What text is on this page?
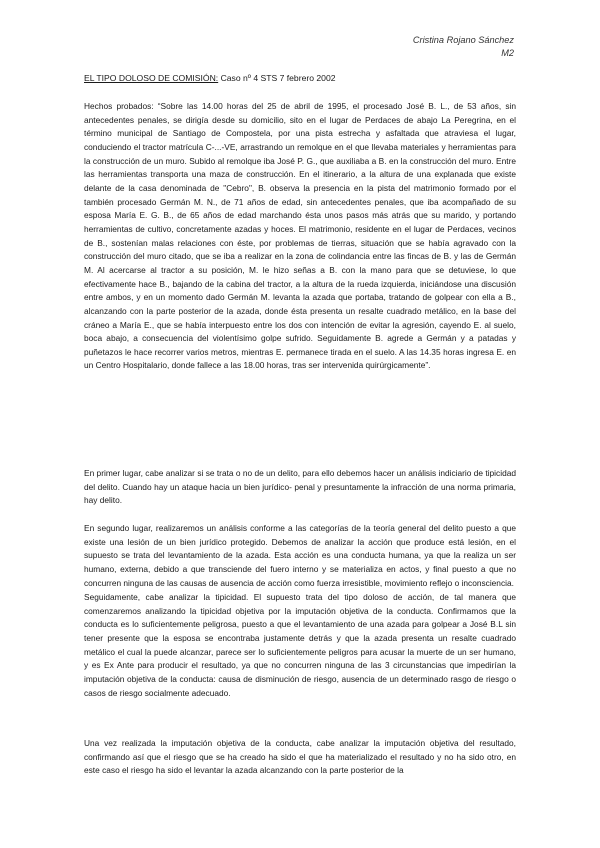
Cristina Rojano Sánchez
M2
EL TIPO DOLOSO DE COMISIÓN: Caso nº 4 STS 7 febrero 2002

Hechos probados: “Sobre las 14.00 horas del 25 de abril de 1995, el procesado José B. L., de 53 años, sin antecedentes penales, se dirigía desde su domicilio, sito en el lugar de Perdaces de abajo La Peregrina, en el término municipal de Santiago de Compostela, por una pista estrecha y asfaltada que atraviesa el lugar, conduciendo el tractor matrícula C-...-VE, arrastrando un remolque en el que llevaba materiales y herramientas para la construcción de un muro. Subido al remolque iba José P. G., que auxiliaba a B. en la construcción del muro. Entre las herramientas transporta una maza de construcción. En el itinerario, a la altura de una explanada que existe delante de la casa denominada de "Cebro", B. observa la presencia en la pista del matrimonio formado por el también procesado Germán M. N., de 71 años de edad, sin antecedentes penales, que iba acompañado de su esposa María E. G. B., de 65 años de edad marchando ésta unos pasos más atrás que su marido, y portando herramientas de cultivo, concretamente azadas y hoces. El matrimonio, residente en el lugar de Perdaces, vecinos de B., sostenían malas relaciones con éste, por problemas de tierras, situación que se había agravado con la construcción del muro citado, que se iba a realizar en la zona de colindancia entre las fincas de B. y las de Germán M. Al acercarse al tractor a su posición, M. le hizo señas a B. con la mano para que se detuviese, lo que efectivamente hace B., bajando de la cabina del tractor, a la altura de la rueda izquierda, iniciándose una discusión entre ambos, y en un momento dado Germán M. levanta la azada que portaba, tratando de golpear con ella a B., alcanzando con la parte posterior de la azada, donde ésta presenta un resalte cuadrado metálico, en la base del cráneo a María E., que se había interpuesto entre los dos con intención de evitar la agresión, cayendo E. al suelo, boca abajo, a consecuencia del violentísimo golpe sufrido. Seguidamente B. agrede a Germán y a patadas y puñetazos le hace recorrer varios metros, mientras E. permanece tirada en el suelo. A las 14.35 horas ingresa E. en un Centro Hospitalario, donde fallece a las 18.00 horas, tras ser intervenida quirúrgicamente”.

En primer lugar, cabe analizar si se trata o no de un delito, para ello debemos hacer un análisis indiciario de tipicidad del delito. Cuando hay un ataque hacia un bien jurídico- penal y presuntamente la infracción de una norma primaria, hay delito.

En segundo lugar, realizaremos un análisis conforme a las categorías de la teoría general del delito puesto a que existe una lesión de un bien jurídico protegido. Debemos de analizar la acción que produce está lesión, en el supuesto se trata del levantamiento de la azada. Esta acción es una conducta humana, ya que la realiza un ser humano, externa, debido a que transciende del fuero interno y se materializa en actos, y final puesto a que no concurren ninguna de las causas de ausencia de acción como fuerza irresistible, movimiento reflejo o inconsciencia.

Seguidamente, cabe analizar la tipicidad. El supuesto trata del tipo doloso de acción, de tal manera que comenzaremos analizando la tipicidad objetiva por la imputación objetiva de la conducta. Confirmamos que la conducta es lo suficientemente peligrosa, puesto a que el levantamiento de una azada para golpear a José B.L sin tener presente que la esposa se encontraba justamente detrás y que la azada presenta un resalte cuadrado metálico el cual la puede alcanzar, parece ser lo suficientemente peligros para acusar la muerte de un ser humano, y es Ex Ante para producir el resultado, ya que no concurren ninguna de las 3 circunstancias que impedirían la imputación objetiva de la conducta: causa de disminución de riesgo, ausencia de un determinado rasgo de riesgo o casos de riesgo socialmente adecuado.

Una vez realizada la imputación objetiva de la conducta, cabe analizar la imputación objetiva del resultado, confirmando así que el riesgo que se ha creado ha sido el que ha materializado el resultado y no ha sido otro, en este caso el riesgo ha sido el levantar la azada alcanzando con la parte posterior de la
